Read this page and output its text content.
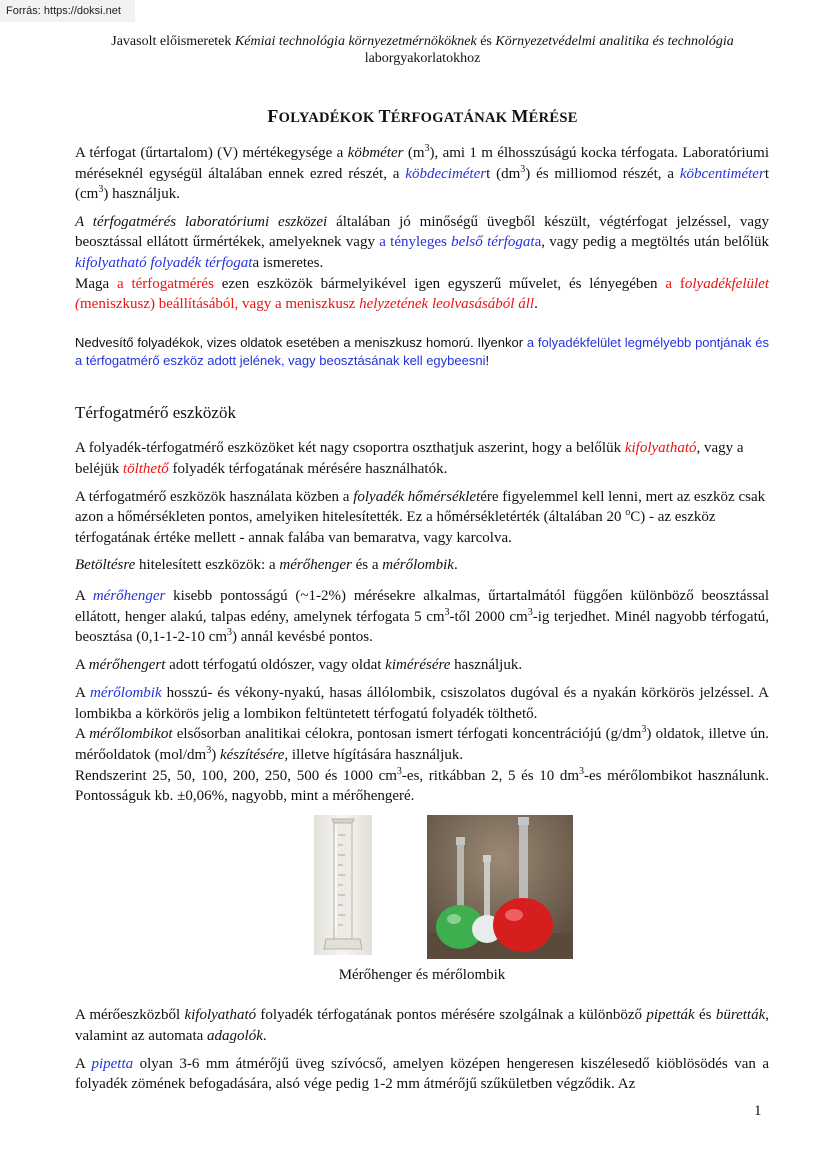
Forrás: https://doksi.net
Javasolt előismeretek Kémiai technológia környezetmérnököknek és Környezetvédelmi analitika és technológia
laborgyakorlatokhoz
FOLYADÉKOK TÉRFOGATÁNAK MÉRÉSE

A térfogat (űrtartalom) (V) mértékegysége a köbméter $(m^3)$, ami 1 m élhosszúságú kocka térfogata. Laboratóriumi méréseknél egységül általában ennek ezred részét, a köbdecimétert $(dm^3)$ és milliomod részét, a köbcentimétert $(cm^3)$ használjuk.

A térfogatmérés laboratóriumi eszközei általában jó minőségű üvegből készült, végtérfogat jelzéssel, vagy beosztással ellátott űrmértékek, amelyeknek vagy a tényleges belső térfogata, vagy pedig a megtöltés után belőlük kifolyatható folyadék térfogata ismeretes.

Maga a térfogatmérés ezen eszközök bármelyikével igen egyszerű művelet, és lényegében a folyadékfelület (meniszkusz) beállításából, vagy a meniszkusz helyzetének leolvasásából áll.

Nedvesítő folyadékok, vizes oldatok esetében a meniszkusz homorú. Ilyenkor a folyadékfelület legmélyebb pontjának és a térfogatmérő eszköz adott jelének, vagy beosztásának kell egybeesni!

Térfogatmérő eszközök

A folyadék-térfogatmérő eszközöket két nagy csoportra oszthatjuk aszerint, hogy a belőlük kifolyatható, vagy a beléjük tölthető folyadék térfogatának mérésére használhatók.

A térfogatmérő eszközök használata közben a folyadék hőmérsékletére figyelemmel kell lenni, mert az eszköz csak azon a hőmérsékleten pontos, amelyiken hitelesítették. Ez a hőmérsékletérték (általában 20 $^o$C) - az eszköz térfogatának értéke mellett - annak falába van bemaratva, vagy karcolva.

Betöltésre hitelesített eszközök: a mérőhenger és a mérőlombik.

A mérőhenger kisebb pontosságú (~1-2%) mérésekre alkalmas, űrtartalmától függően különböző beosztással ellátott, henger alakú, talpas edény, amelynek térfogata 5 $cm^3$-től 2000 $cm^3-ig$ terjedhet. Minél nagyobb térfogatú, beosztása (0,1-1-2-10 $cm^3$) annál kevésbé pontos.

A mérőhengert adott térfogatú oldószer, vagy oldat kimérésére használjuk.

A mérőlombik hosszú- és vékony-nyakú, hasas állólombik, csiszolatos dugóval és a nyakán körkörös jelzéssel. A lombikba a körkörös jelig a lombikon feltüntetett térfogatú folyadék tölthető.

A mérőlombikot elsősorban analitikai célokra, pontosan ismert térfogati koncentrációjú $(g/dm^3)$ oldatok, illetve ún. mérőoldatok $(mol/dm^3)$ készítésére, illetve hígítására használjuk.

Rendszerint 25, 50, 100, 200, 250, 500 és 1000 $cm^3-es$, ritkábban 2, 5 és 10 $dm^3-es$ mérőlombikot használunk. Pontosságuk kb. ±0,06%, nagyobb, mint a mérőhengeré.

Mérőhenger és mérőlombik

A mérőeszközből kifolyatható folyadék térfogatának pontos mérésére szolgálnak a különböző pipetták és büretták, valamint az automata adagolók.

A pipetta olyan 3-6 mm átmérőjű üveg szívócső, amelyen középen hengeresen kiszélesedő kiöblösödés van a folyadék zömének befogadására, alsó vége pedig 1-2 mm átmérőjű szűkületben végződik. Az

1
